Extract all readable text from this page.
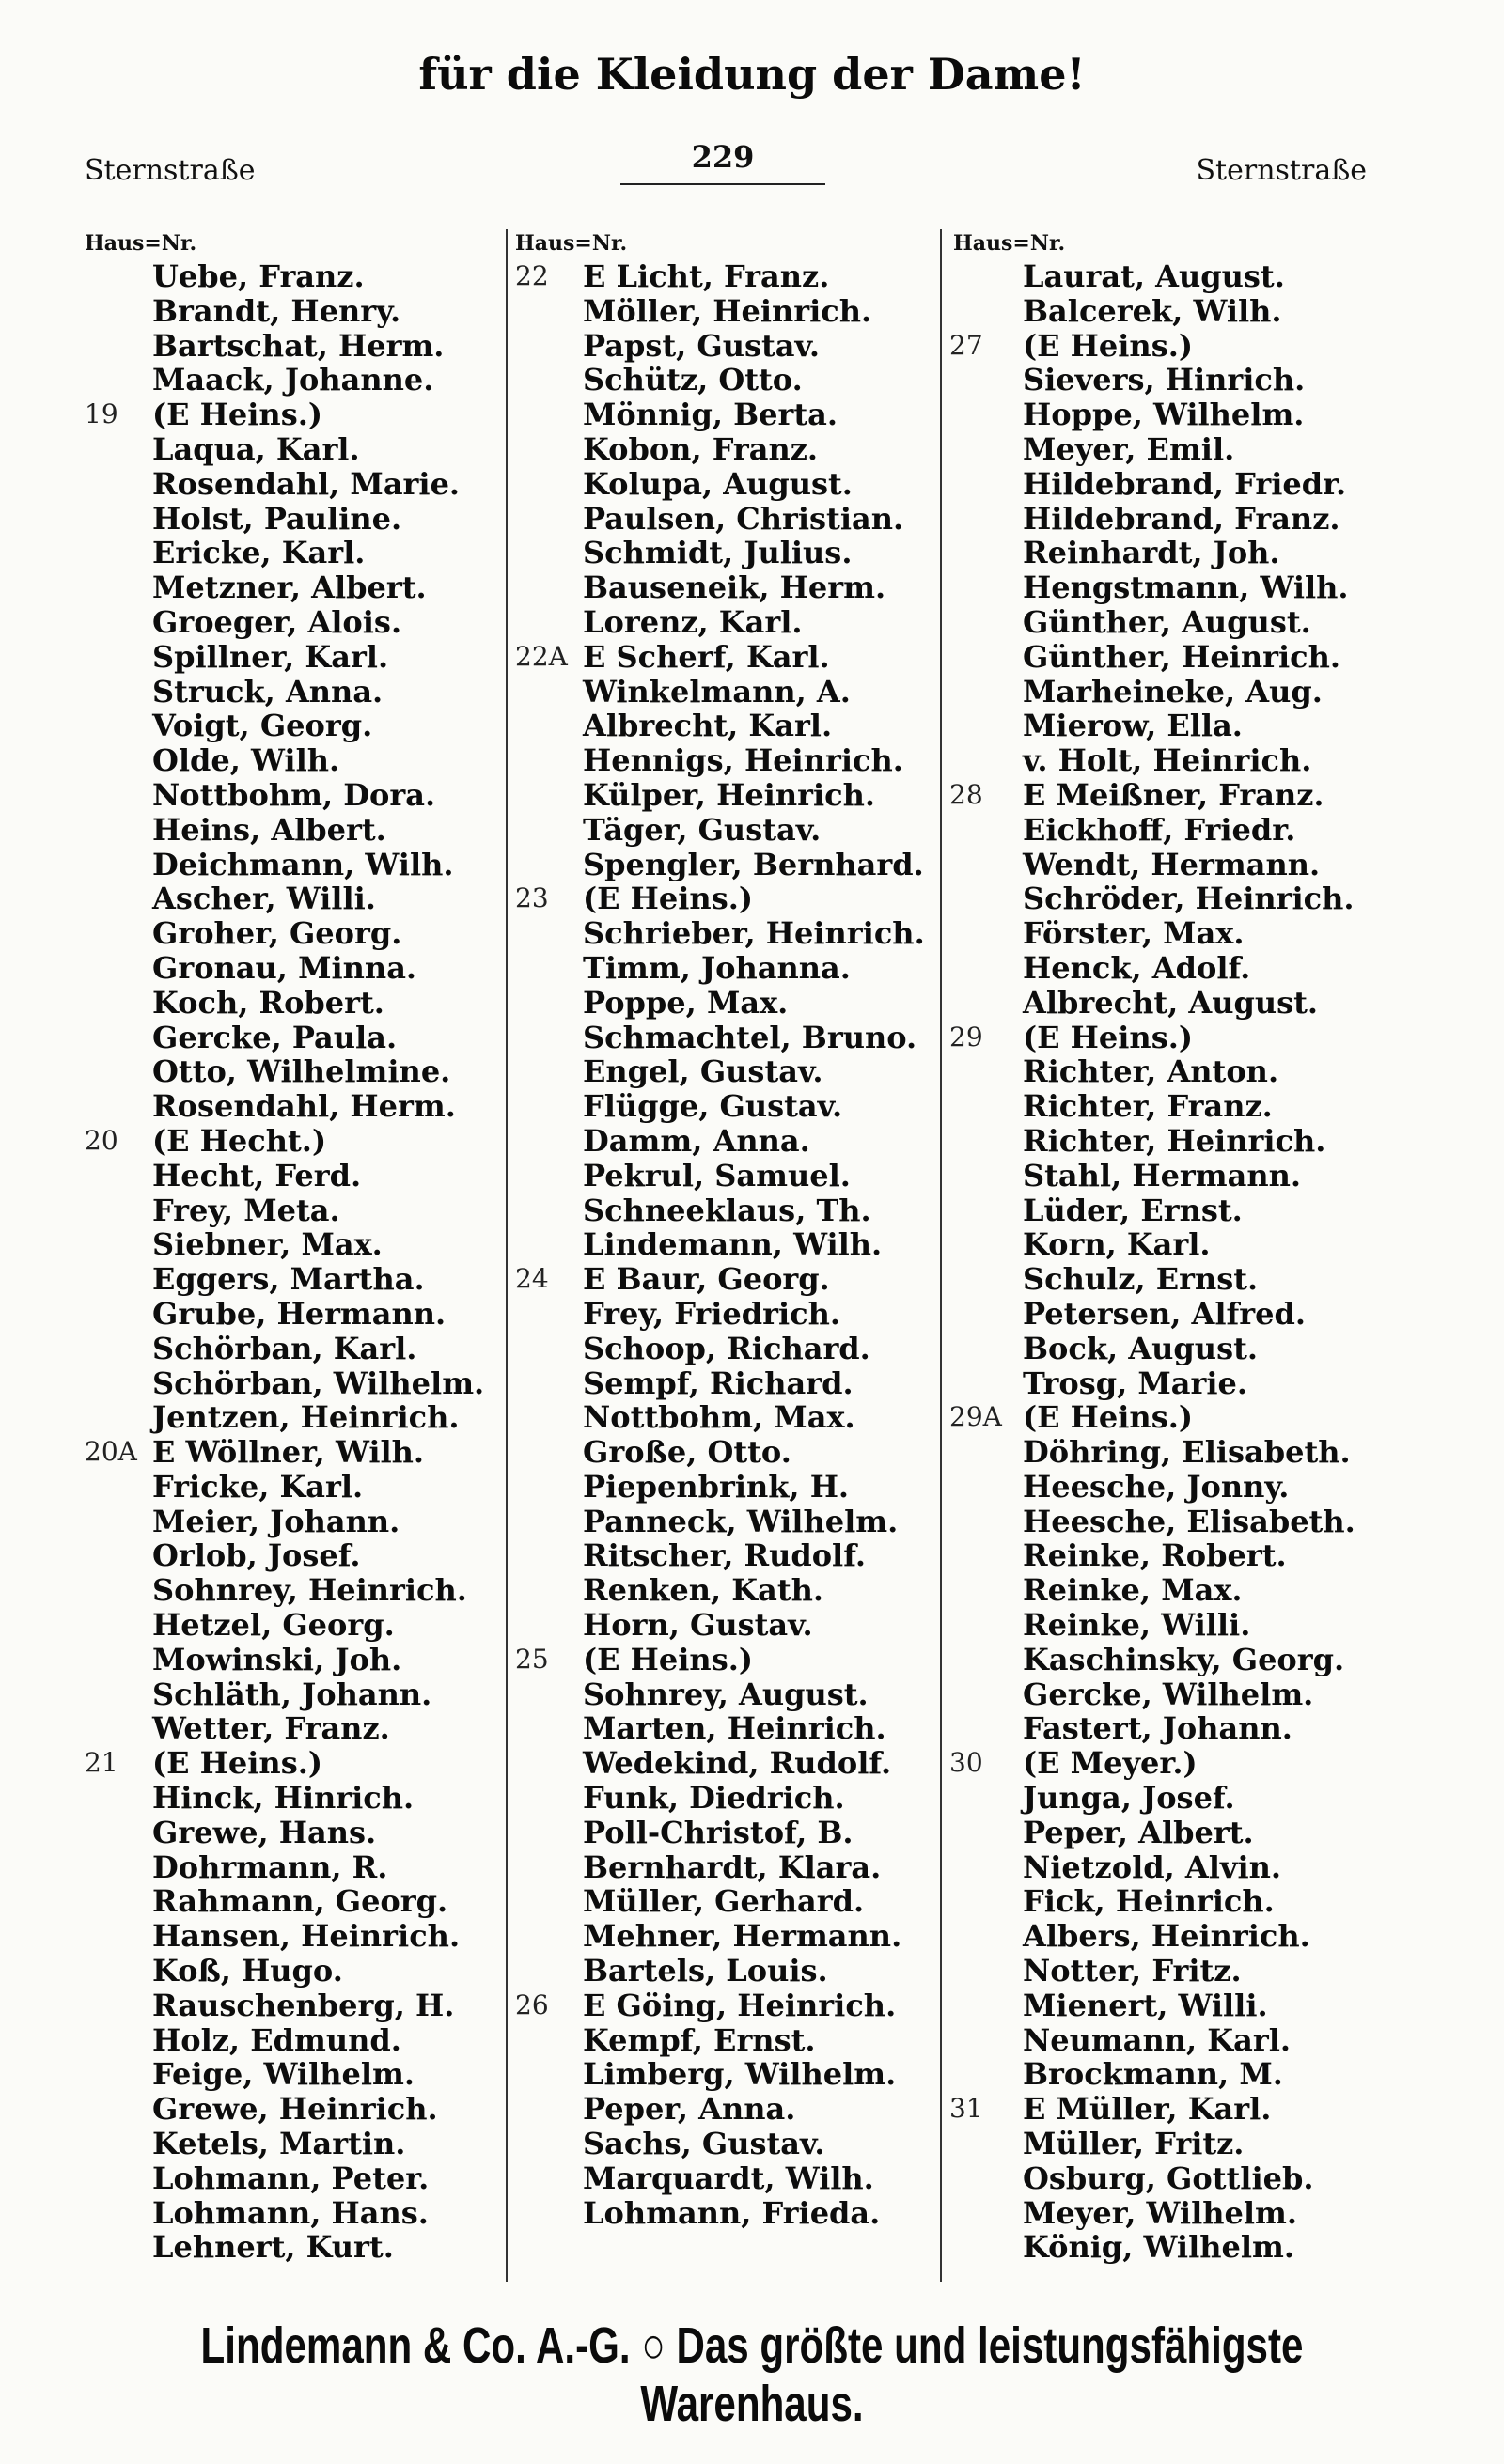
für die Kleidung der Dame!
Sternstraße	229	Sternstraße
Haus=Nr.
Uebe, Franz.
Brandt, Henry.
Bartschat, Herm.
Maack, Johanne.
19	(E Heins.)
Laqua, Karl.
Rosendahl, Marie.
Holst, Pauline.
Ericke, Karl.
Metzner, Albert.
Groeger, Alois.
Spillner, Karl.
Struck, Anna.
Voigt, Georg.
Olde, Wilh.
Nottbohm, Dora.
Heins, Albert.
Deichmann, Wilh.
Ascher, Willi.
Groher, Georg.
Gronau, Minna.
Koch, Robert.
Gercke, Paula.
Otto, Wilhelmine.
Rosendahl, Herm.
20	(E Hecht.)
Hecht, Ferd.
Frey, Meta.
Siebner, Max.
Eggers, Martha.
Grube, Hermann.
Schörban, Karl.
Schörban, Wilhelm.
Jentzen, Heinrich.
20A E Wöllner, Wilh.
Fricke, Karl.
Meier, Johann.
Orlob, Josef.
Sohnrey, Heinrich.
Hetzel, Georg.
Mowinski, Joh.
Schläth, Johann.
Wetter, Franz.
21	(E Heins.)
Hinck, Hinrich.
Grewe, Hans.
Dohrmann, R.
Rahmann, Georg.
Hansen, Heinrich.
Koß, Hugo.
Rauschenberg, H.
Holz, Edmund.
Feige, Wilhelm.
Grewe, Heinrich.
Ketels, Martin.
Lohmann, Peter.
Lohmann, Hans.
Lehnert, Kurt.
Haus=Nr.
22	E Licht, Franz.
Möller, Heinrich.
Papst, Gustav.
Schütz, Otto.
Mönnig, Berta.
Kobon, Franz.
Kolupa, August.
Paulsen, Christian.
Schmidt, Julius.
Bauseneik, Herm.
Lorenz, Karl.
22A E Scherf, Karl.
Winkelmann, A.
Albrecht, Karl.
Hennigs, Heinrich.
Külper, Heinrich.
Täger, Gustav.
Spengler, Bernhard.
23	(E Heins.)
Schrieber, Heinrich.
Timm, Johanna.
Poppe, Max.
Schmachtel, Bruno.
Engel, Gustav.
Flügge, Gustav.
Damm, Anna.
Pekrul, Samuel.
Schneeklaus, Th.
Lindemann, Wilh.
24	E Baur, Georg.
Frey, Friedrich.
Schoop, Richard.
Sempf, Richard.
Nottbohm, Max.
Große, Otto.
Piepenbrink, H.
Panneck, Wilhelm.
Ritscher, Rudolf.
Renken, Kath.
Horn, Gustav.
25	(E Heins.)
Sohnrey, August.
Marten, Heinrich.
Wedekind, Rudolf.
Funk, Diedrich.
Poll-Christof, B.
Bernhardt, Klara.
Müller, Gerhard.
Mehner, Hermann.
Bartels, Louis.
26	E Göing, Heinrich.
Kempf, Ernst.
Limberg, Wilhelm.
Peper, Anna.
Sachs, Gustav.
Marquardt, Wilh.
Lohmann, Frieda.
Haus=Nr.
Laurat, August.
Balcerek, Wilh.
27	(E Heins.)
Sievers, Hinrich.
Hoppe, Wilhelm.
Meyer, Emil.
Hildebrand, Friedr.
Hildebrand, Franz.
Reinhardt, Joh.
Hengstmann, Wilh.
Günther, August.
Günther, Heinrich.
Marheineke, Aug.
Mierow, Ella.
v. Holt, Heinrich.
28	E Meißner, Franz.
Eickhoff, Friedr.
Wendt, Hermann.
Schröder, Heinrich.
Förster, Max.
Henck, Adolf.
Albrecht, August.
29	(E Heins.)
Richter, Anton.
Richter, Franz.
Richter, Heinrich.
Stahl, Hermann.
Lüder, Ernst.
Korn, Karl.
Schulz, Ernst.
Petersen, Alfred.
Bock, August.
Trosg, Marie.
29A (E Heins.)
Döhring, Elisabeth.
Heesche, Jonny.
Heesche, Elisabeth.
Reinke, Robert.
Reinke, Max.
Reinke, Willi.
Kaschinsky, Georg.
Gercke, Wilhelm.
Fastert, Johann.
30	(E Meyer.)
Junga, Josef.
Peper, Albert.
Nietzold, Alvin.
Fick, Heinrich.
Albers, Heinrich.
Notter, Fritz.
Mienert, Willi.
Neumann, Karl.
Brockmann, M.
31	E Müller, Karl.
Müller, Fritz.
Osburg, Gottlieb.
Meyer, Wilhelm.
König, Wilhelm.
Lindemann & Co. A.-G. ○ Das größte und leistungsfähigste Warenhaus.
